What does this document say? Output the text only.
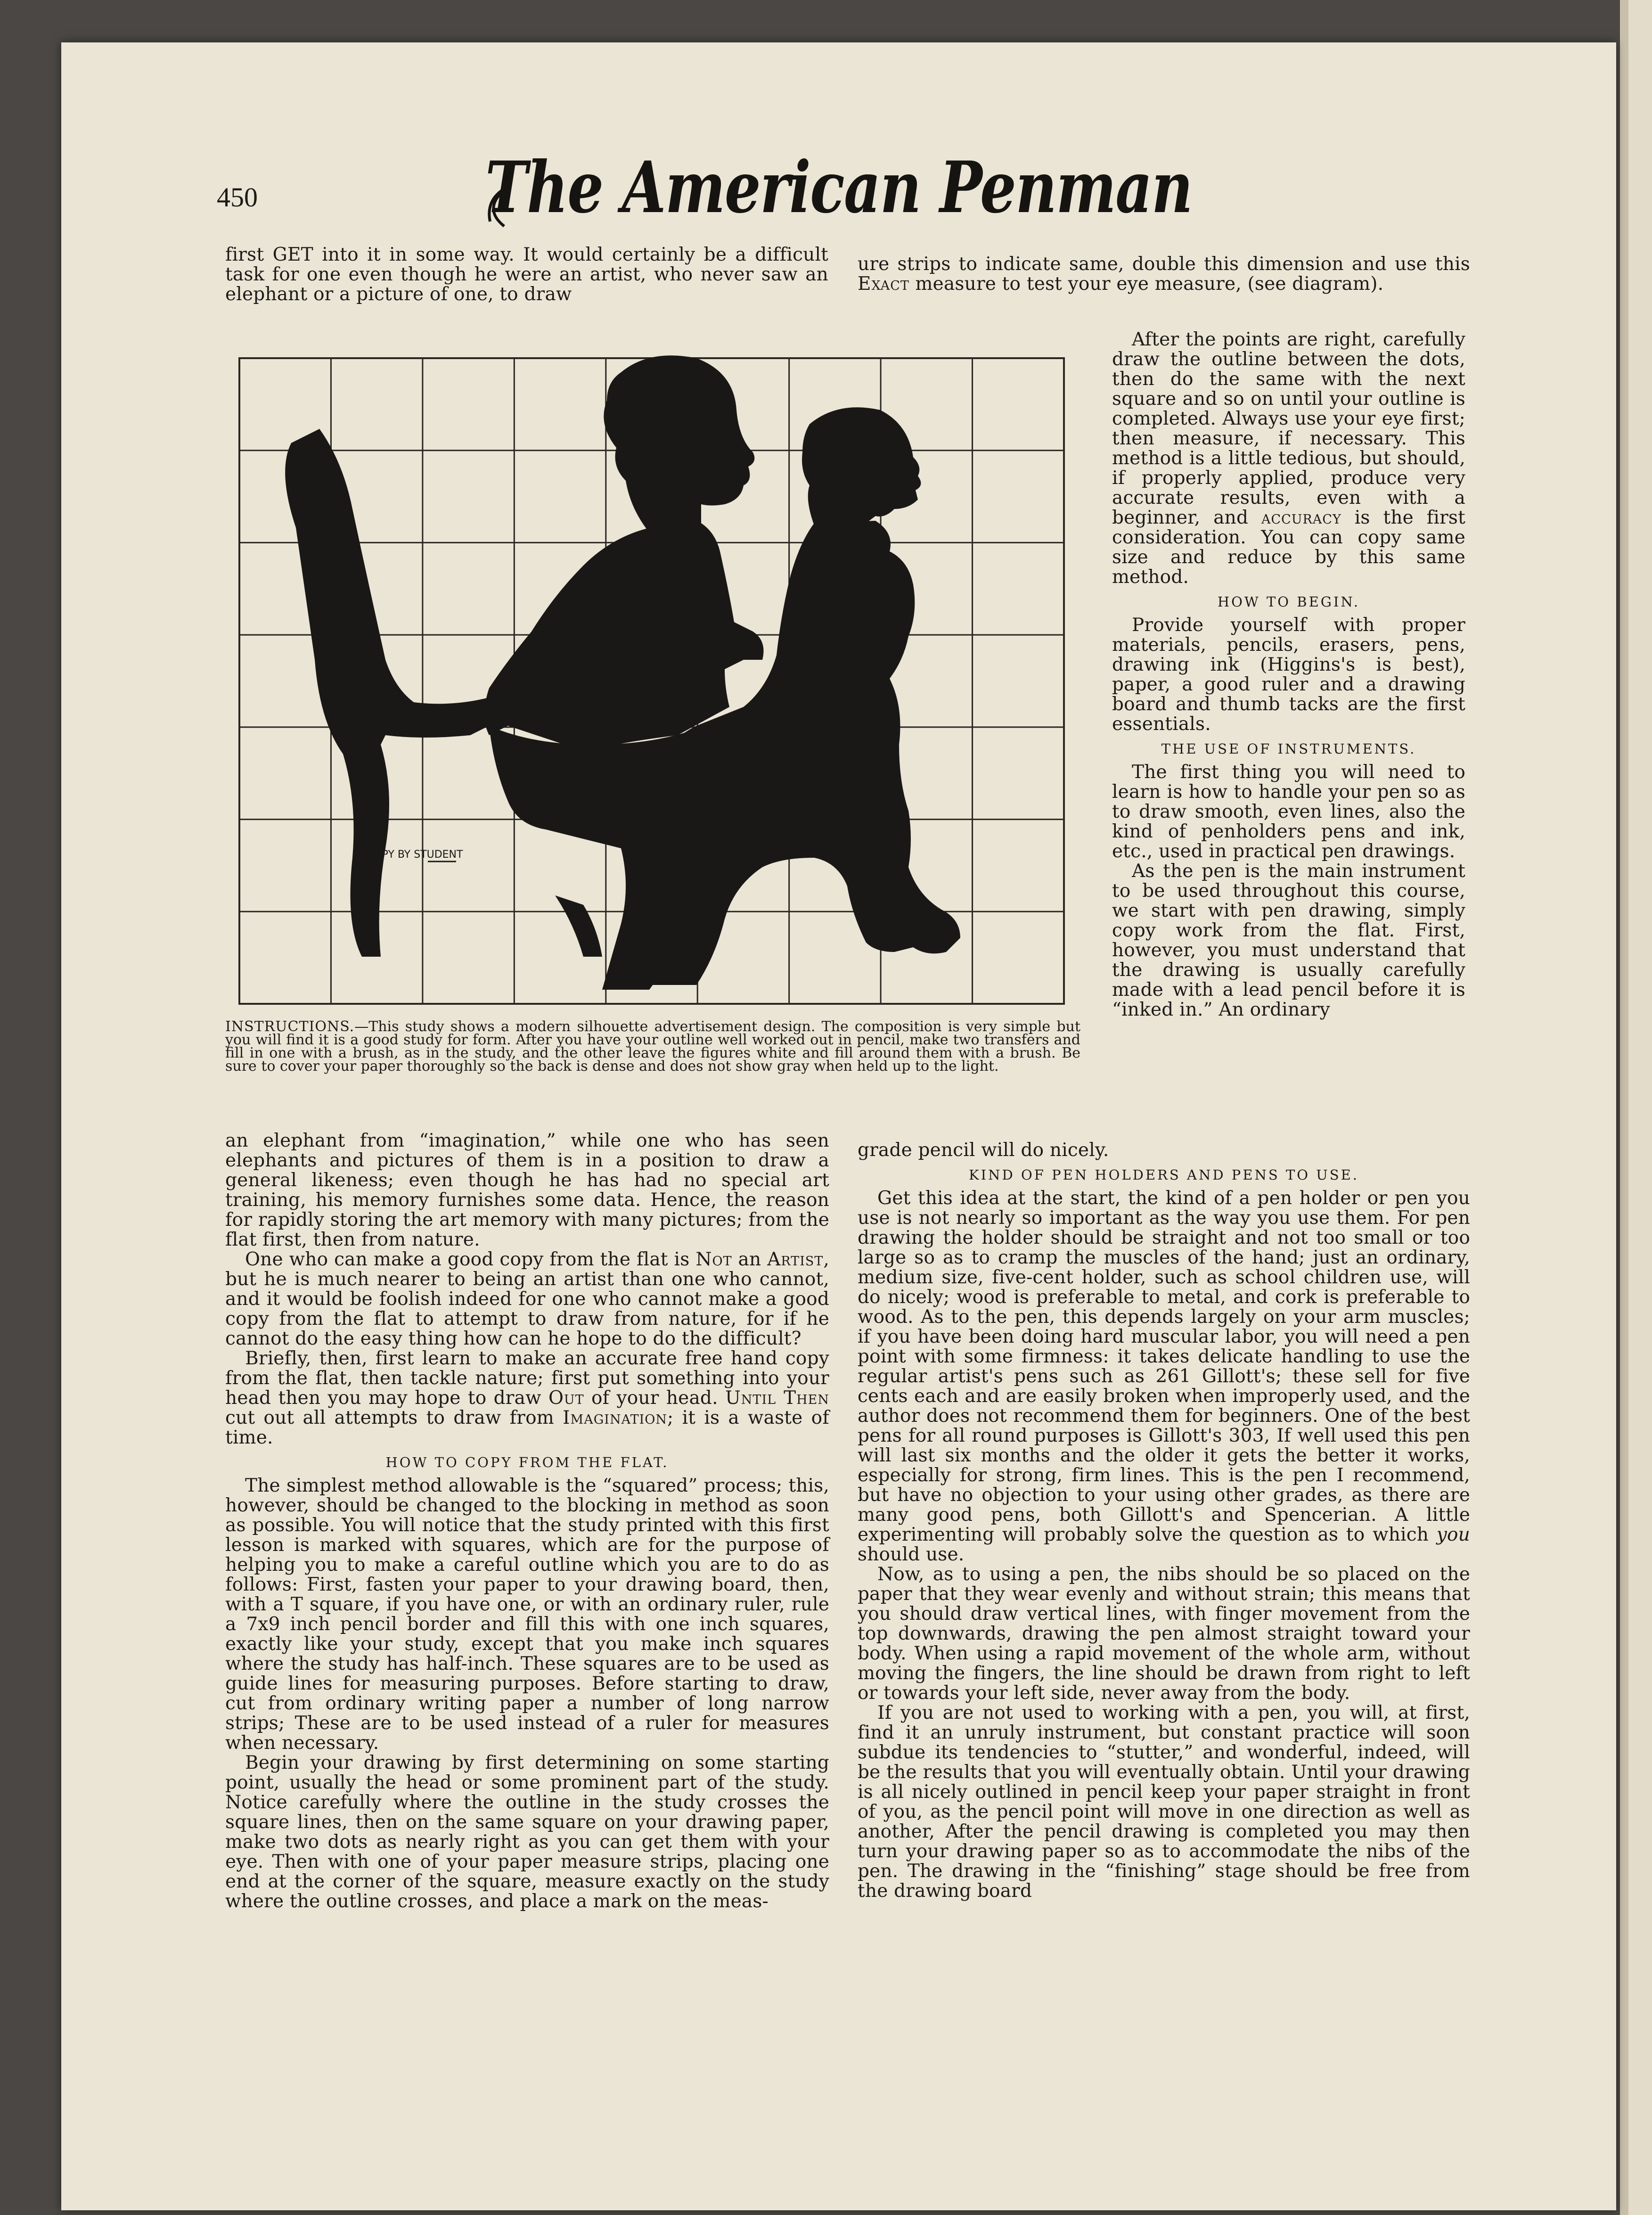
450	The American Penman

first GET into it in some way. It would certainly be a difficult task for one even though he were an artist, who never saw an elephant or a picture of one, to draw

ure strips to indicate same, double this dimension and use this Exact measure to test your eye measure, (see diagram).

COPY BY STUDENT

INSTRUCTIONS.—This study shows a modern silhouette advertisement design. The composition is very simple but you will find it is a good study for form. After you have your outline well worked out in pencil, make two transfers and fill in one with a brush, as in the study, and the other leave the figures white and fill around them with a brush. Be sure to cover your paper thoroughly so the back is dense and does not show gray when held up to the light.

After the points are right, carefully draw the outline between the dots, then do the same with the next square and so on until your outline is completed. Always use your eye first; then measure, if necessary. This method is a little tedious, but should, if properly applied, produce very accurate results, even with a beginner, and accuracy is the first consideration. You can copy same size and reduce by this same method.

HOW TO BEGIN.

Provide yourself with proper materials, pencils, erasers, pens, drawing ink (Higgins's is best), paper, a good ruler and a drawing board and thumb tacks are the first essentials.

THE USE OF INSTRUMENTS.

The first thing you will need to learn is how to handle your pen so as to draw smooth, even lines, also the kind of penholders pens and ink, etc., used in practical pen drawings.

As the pen is the main instrument to be used throughout this course, we start with pen drawing, simply copy work from the flat. First, however, you must understand that the drawing is usually carefully made with a lead pencil before it is “inked in.” An ordinary

an elephant from “imagination,” while one who has seen elephants and pictures of them is in a position to draw a general likeness; even though he has had no special art training, his memory furnishes some data. Hence, the reason for rapidly storing the art memory with many pictures; from the flat first, then from nature.

One who can make a good copy from the flat is Not an Artist, but he is much nearer to being an artist than one who cannot, and it would be foolish indeed for one who cannot make a good copy from the flat to attempt to draw from nature, for if he cannot do the easy thing how can he hope to do the difficult?

Briefly, then, first learn to make an accurate free hand copy from the flat, then tackle nature; first put something into your head then you may hope to draw Out of your head. Until Then cut out all attempts to draw from Imagination; it is a waste of time.

HOW TO COPY FROM THE FLAT.

The simplest method allowable is the “squared” process; this, however, should be changed to the blocking in method as soon as possible. You will notice that the study printed with this first lesson is marked with squares, which are for the purpose of helping you to make a careful outline which you are to do as follows: First, fasten your paper to your drawing board, then, with a T square, if you have one, or with an ordinary ruler, rule a 7x9 inch pencil border and fill this with one inch squares, exactly like your study, except that you make inch squares where the study has half-inch. These squares are to be used as guide lines for measuring purposes. Before starting to draw, cut from ordinary writing paper a number of long narrow strips; These are to be used instead of a ruler for measures when necessary.

Begin your drawing by first determining on some starting point, usually the head or some prominent part of the study. Notice carefully where the outline in the study crosses the square lines, then on the same square on your drawing paper, make two dots as nearly right as you can get them with your eye. Then with one of your paper measure strips, placing one end at the corner of the square, measure exactly on the study where the outline crosses, and place a mark on the meas-

grade pencil will do nicely.

KIND OF PEN HOLDERS AND PENS TO USE.

Get this idea at the start, the kind of a pen holder or pen you use is not nearly so important as the way you use them. For pen drawing the holder should be straight and not too small or too large so as to cramp the muscles of the hand; just an ordinary, medium size, five-cent holder, such as school children use, will do nicely; wood is preferable to metal, and cork is preferable to wood. As to the pen, this depends largely on your arm muscles; if you have been doing hard muscular labor, you will need a pen point with some firmness: it takes delicate handling to use the regular artist's pens such as 261 Gillott's; these sell for five cents each and are easily broken when improperly used, and the author does not recommend them for beginners. One of the best pens for all round purposes is Gillott's 303, If well used this pen will last six months and the older it gets the better it works, especially for strong, firm lines. This is the pen I recommend, but have no objection to your using other grades, as there are many good pens, both Gillott's and Spencerian. A little experimenting will probably solve the question as to which you should use.

Now, as to using a pen, the nibs should be so placed on the paper that they wear evenly and without strain; this means that you should draw vertical lines, with finger movement from the top downwards, drawing the pen almost straight toward your body. When using a rapid movement of the whole arm, without moving the fingers, the line should be drawn from right to left or towards your left side, never away from the body.

If you are not used to working with a pen, you will, at first, find it an unruly instrument, but constant practice will soon subdue its tendencies to “stutter,” and wonderful, indeed, will be the results that you will eventually obtain. Until your drawing is all nicely outlined in pencil keep your paper straight in front of you, as the pencil point will move in one direction as well as another, After the pencil drawing is completed you may then turn your drawing paper so as to accommodate the nibs of the pen. The drawing in the “finishing” stage should be free from the drawing board
